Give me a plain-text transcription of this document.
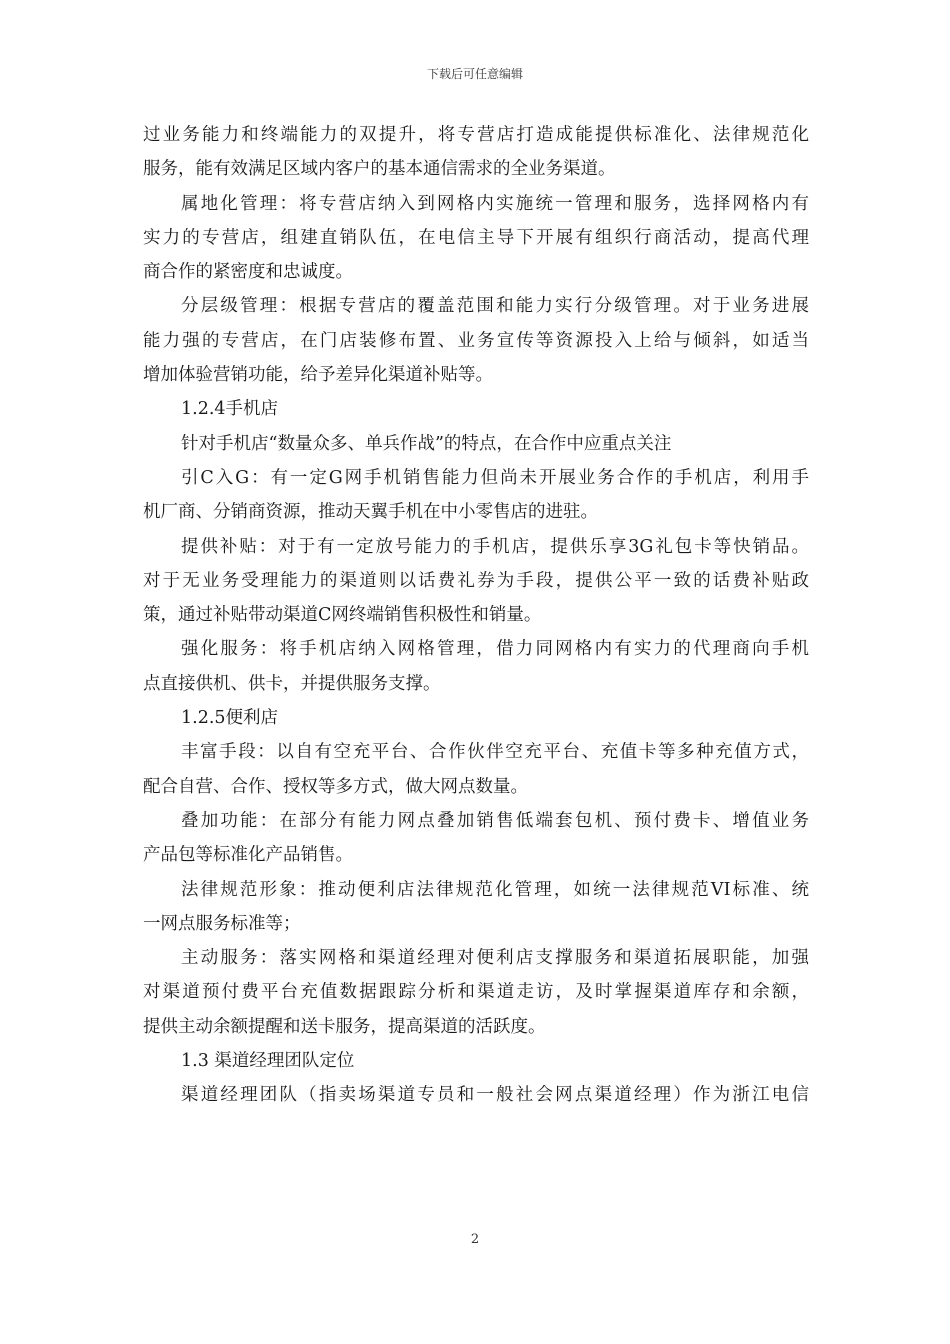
下载后可任意编辑
过业务能力和终端能力的双提升，将专营店打造成能提供标准化、法律规范化
服务，能有效满足区域内客户的基本通信需求的全业务渠道。
属地化管理：将专营店纳入到网格内实施统一管理和服务，选择网格内有
实力的专营店，组建直销队伍，在电信主导下开展有组织行商活动，提高代理
商合作的紧密度和忠诚度。
分层级管理：根据专营店的覆盖范围和能力实行分级管理。对于业务进展
能力强的专营店，在门店装修布置、业务宣传等资源投入上给与倾斜，如适当
增加体验营销功能，给予差异化渠道补贴等。
1.2.4手机店
针对手机店“数量众多、单兵作战”的特点，在合作中应重点关注
引C入G：有一定G网手机销售能力但尚未开展业务合作的手机店，利用手
机厂商、分销商资源，推动天翼手机在中小零售店的进驻。
提供补贴：对于有一定放号能力的手机店，提供乐享3G礼包卡等快销品。
对于无业务受理能力的渠道则以话费礼券为手段，提供公平一致的话费补贴政
策，通过补贴带动渠道C网终端销售积极性和销量。
强化服务：将手机店纳入网格管理，借力同网格内有实力的代理商向手机
点直接供机、供卡，并提供服务支撑。
1.2.5便利店
丰富手段：以自有空充平台、合作伙伴空充平台、充值卡等多种充值方式，
配合自营、合作、授权等多方式，做大网点数量。
叠加功能：在部分有能力网点叠加销售低端套包机、预付费卡、增值业务
产品包等标准化产品销售。
法律规范形象：推动便利店法律规范化管理，如统一法律规范VI标准、统
一网点服务标准等；
主动服务：落实网格和渠道经理对便利店支撑服务和渠道拓展职能，加强
对渠道预付费平台充值数据跟踪分析和渠道走访，及时掌握渠道库存和余额，
提供主动余额提醒和送卡服务，提高渠道的活跃度。
1.3 渠道经理团队定位
渠道经理团队（指卖场渠道专员和一般社会网点渠道经理）作为浙江电信
2
